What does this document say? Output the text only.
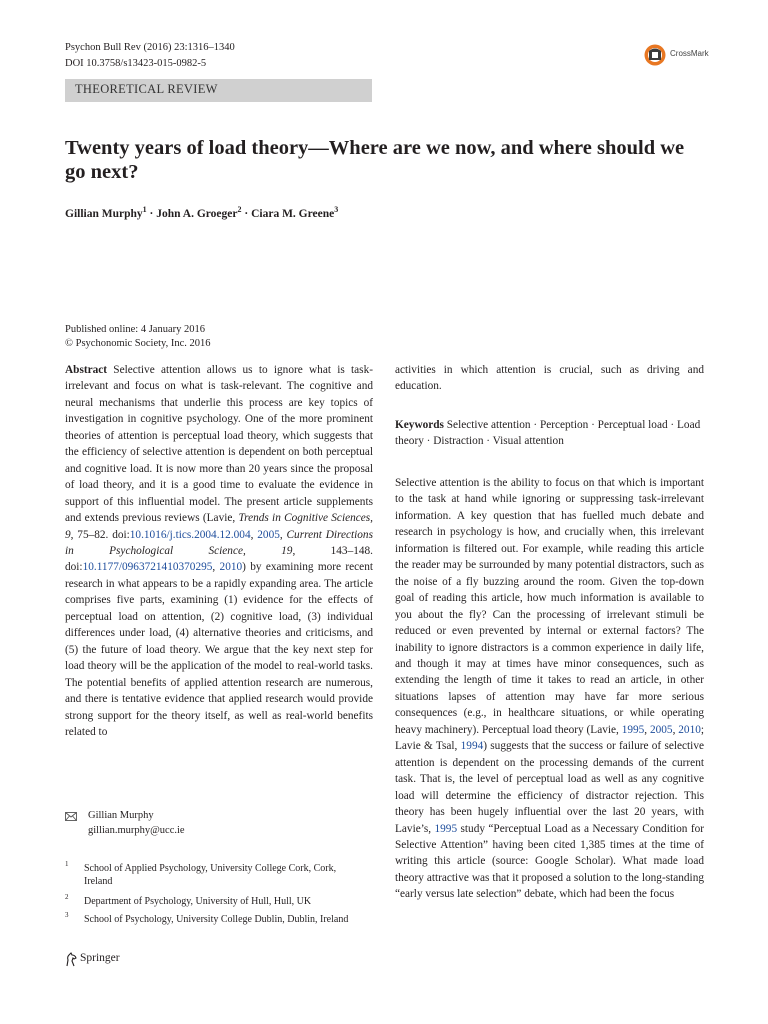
Psychon Bull Rev (2016) 23:1316–1340
DOI 10.3758/s13423-015-0982-5
CrossMark
THEORETICAL REVIEW
Twenty years of load theory—Where are we now, and where should we go next?
Gillian Murphy$^1$ · John A. Groeger$^2$ · Ciara M. Greene$^3$
Published online: 4 January 2016
© Psychonomic Society, Inc. 2016
Abstract Selective attention allows us to ignore what is task-irrelevant and focus on what is task-relevant. The cognitive and neural mechanisms that underlie this process are key topics of investigation in cognitive psychology. One of the more prominent theories of attention is perceptual load theory, which suggests that the efficiency of selective attention is dependent on both perceptual and cognitive load. It is now more than 20 years since the proposal of load theory, and it is a good time to evaluate the evidence in support of this influential model. The present article supplements and extends previous reviews (Lavie, Trends in Cognitive Sciences, 9, 75–82. doi:10.1016/j.tics.2004.12.004, 2005, Current Directions in Psychological Science, 19, 143–148. doi:10.1177/0963721410370295, 2010) by examining more recent research in what appears to be a rapidly expanding area. The article comprises five parts, examining (1) evidence for the effects of perceptual load on attention, (2) cognitive load, (3) individual differences under load, (4) alternative theories and criticisms, and (5) the future of load theory. We argue that the key next step for load theory will be the application of the model to real-world tasks. The potential benefits of applied attention research are numerous, and there is tentative evidence that applied research would provide strong support for the theory itself, as well as real-world benefits related to
activities in which attention is crucial, such as driving and education.
Keywords Selective attention · Perception · Perceptual load · Load theory · Distraction · Visual attention
Selective attention is the ability to focus on that which is important to the task at hand while ignoring or suppressing task-irrelevant information. A key question that has fuelled much debate and research in psychology is how, and crucially when, this irrelevant information is filtered out. For example, while reading this article the reader may be surrounded by many potential distractors, such as the noise of a fly buzzing around the room. Given the top-down goal of reading this article, how much information is available to you about the fly? Can the processing of irrelevant stimuli be reduced or even prevented by internal or external factors? The inability to ignore distractors is a common experience in daily life, and though it may at times have minor consequences, such as extending the length of time it takes to read an article, in other situations lapses of attention may have far more serious consequences (e.g., in healthcare situations, or while operating heavy machinery). Perceptual load theory (Lavie, 1995, 2005, 2010; Lavie & Tsal, 1994) suggests that the success or failure of selective attention is dependent on the processing demands of the current task. That is, the level of perceptual load as well as any cognitive load will determine the efficiency of distractor rejection. This theory has been hugely influential over the last 20 years, with Lavie’s, 1995 study “Perceptual Load as a Necessary Condition for Selective Attention” having been cited 1,385 times at the time of writing this article (source: Google Scholar). What made load theory attractive was that it proposed a solution to the long-standing “early versus late selection” debate, which had been the focus
Gillian Murphy
gillian.murphy@ucc.ie
1 School of Applied Psychology, University College Cork, Cork, Ireland
2 Department of Psychology, University of Hull, Hull, UK
3 School of Psychology, University College Dublin, Dublin, Ireland
Springer
